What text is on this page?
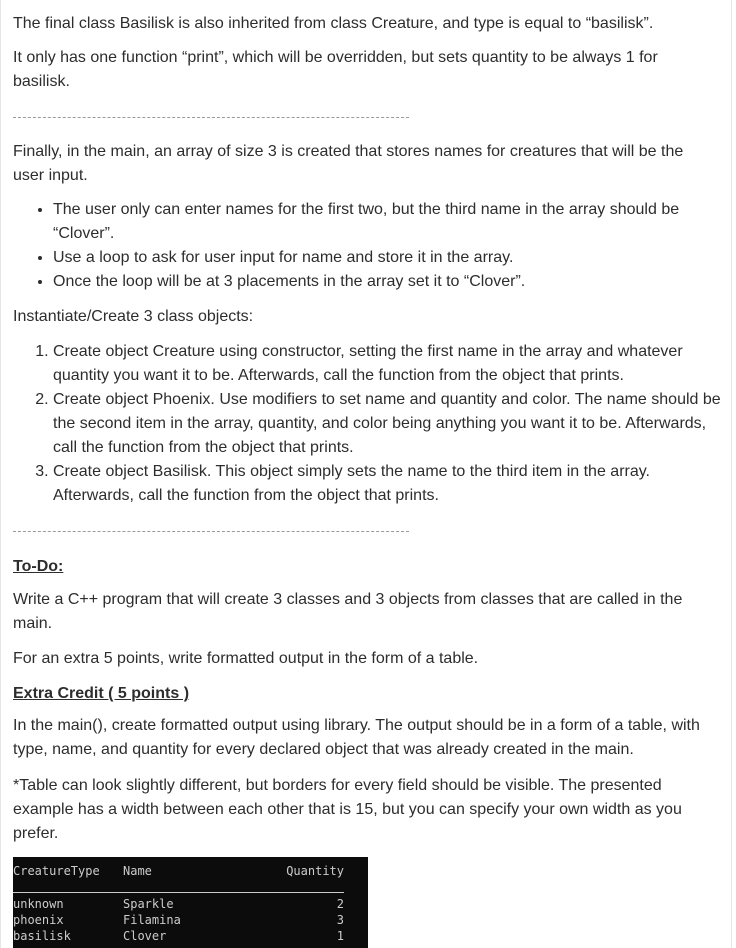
The final class Basilisk is also inherited from class Creature, and type is equal to “basilisk”.

It only has one function “print”, which will be overridden, but sets quantity to be always 1 for basilisk.

Finally, in the main, an array of size 3 is created that stores names for creatures that will be the user input.

• The user only can enter names for the first two, but the third name in the array should be “Clover”.
• Use a loop to ask for user input for name and store it in the array.
• Once the loop will be at 3 placements in the array set it to “Clover”.

Instantiate/Create 3 class objects:

1. Create object Creature using constructor, setting the first name in the array and whatever quantity you want it to be. Afterwards, call the function from the object that prints.
2. Create object Phoenix. Use modifiers to set name and quantity and color. The name should be the second item in the array, quantity, and color being anything you want it to be. Afterwards, call the function from the object that prints.
3. Create object Basilisk. This object simply sets the name to the third item in the array. Afterwards, call the function from the object that prints.

To-Do:

Write a C++ program that will create 3 classes and 3 objects from classes that are called in the main.

For an extra 5 points, write formatted output in the form of a table.

Extra Credit ( 5 points )

In the main(), create formatted output using library. The output should be in a form of a table, with type, name, and quantity for every declared object that was already created in the main.

*Table can look slightly different, but borders for every field should be visible. The presented example has a width between each other that is 15, but you can specify your own width as you prefer.

CreatureType Name	Quantity
unknown	Sparkle	2
phoenix	Filamina	3
basilisk	Clover	1
